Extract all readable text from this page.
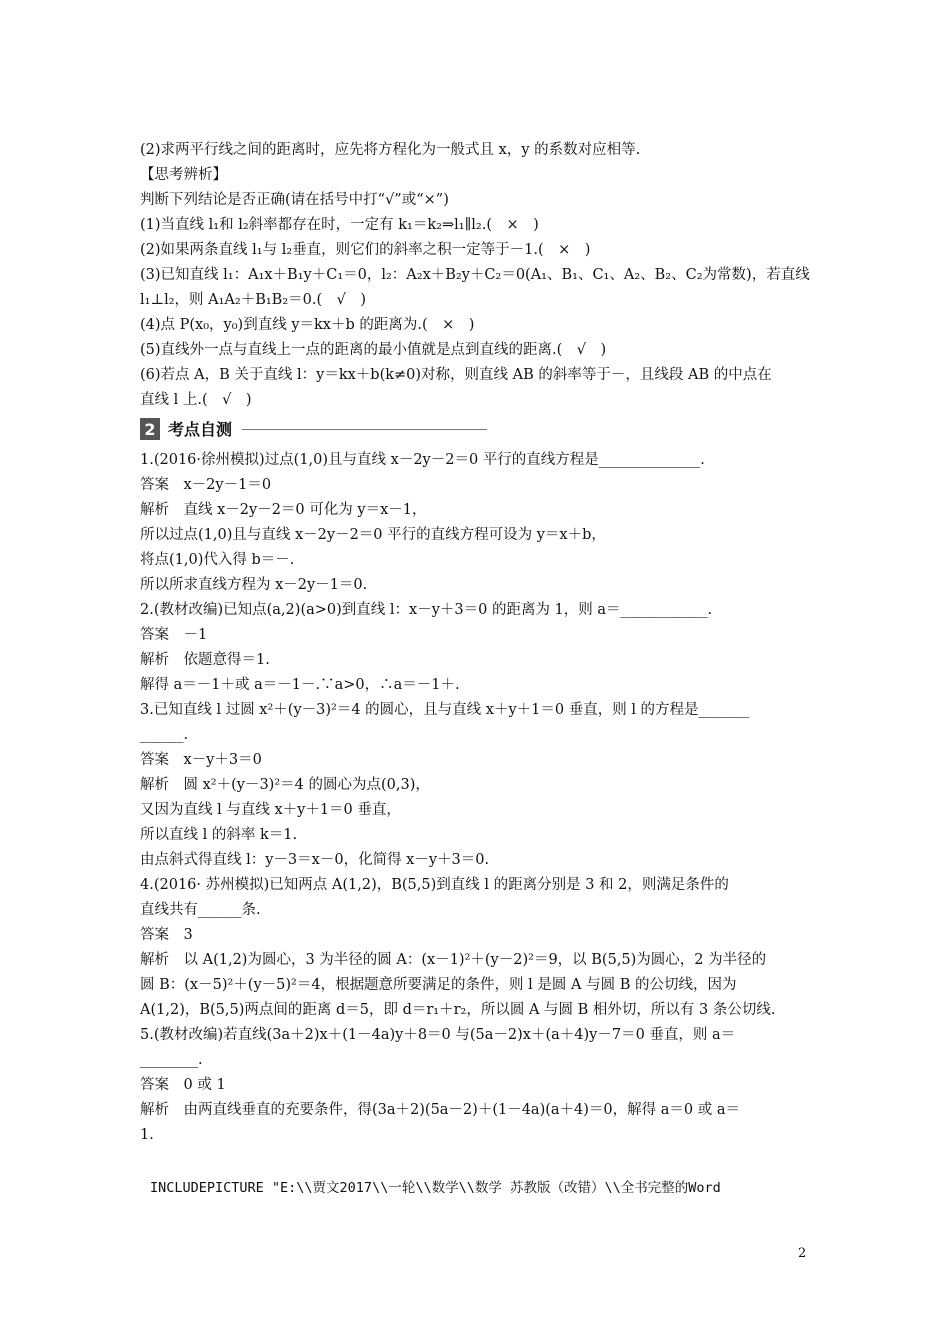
(2)求两平行线之间的距离时，应先将方程化为一般式且 x，y 的系数对应相等.
【思考辨析】
判断下列结论是否正确(请在括号中打“√”或“×”)
(1)当直线 l₁和 l₂斜率都存在时，一定有 k₁＝k₂⇒l₁∥l₂.(　×　)
(2)如果两条直线 l₁与 l₂垂直，则它们的斜率之积一定等于－1.(　×　)
(3)已知直线 l₁：A₁x＋B₁y＋C₁＝0，l₂：A₂x＋B₂y＋C₂＝0(A₁、B₁、C₁、A₂、B₂、C₂为常数)，若直线
l₁⊥l₂，则 A₁A₂＋B₁B₂＝0.(　√　)
(4)点 P(x₀，y₀)到直线 y＝kx＋b 的距离为.(　×　)
(5)直线外一点与直线上一点的距离的最小值就是点到直线的距离.(　√　)
(6)若点 A，B 关于直线 l：y＝kx＋b(k≠0)对称，则直线 AB 的斜率等于－，且线段 AB 的中点在
直线 l 上.(　√　)
2 考点自测
1.(2016·徐州模拟)过点(1,0)且与直线 x－2y－2＝0 平行的直线方程是______________.
答案　x－2y－1＝0
解析　直线 x－2y－2＝0 可化为 y＝x－1，
所以过点(1,0)且与直线 x－2y－2＝0 平行的直线方程可设为 y＝x＋b，
将点(1,0)代入得 b＝－.
所以所求直线方程为 x－2y－1＝0.
2.(教材改编)已知点(a,2)(a>0)到直线 l：x－y＋3＝0 的距离为 1，则 a＝____________.
答案　－1
解析　依题意得＝1.
解得 a＝－1＋或 a＝－1－.∵a>0，∴a＝－1＋.
3.已知直线 l 过圆 x²＋(y－3)²＝4 的圆心，且与直线 x＋y＋1＝0 垂直，则 l 的方程是_______
______.
答案　x－y＋3＝0
解析　圆 x²＋(y－3)²＝4 的圆心为点(0,3)，
又因为直线 l 与直线 x＋y＋1＝0 垂直，
所以直线 l 的斜率 k＝1.
由点斜式得直线 l：y－3＝x－0，化简得 x－y＋3＝0.
4.(2016· 苏州模拟)已知两点 A(1,2)，B(5,5)到直线 l 的距离分别是 3 和 2，则满足条件的
直线共有______条.
答案　3
解析　以 A(1,2)为圆心，3 为半径的圆 A：(x－1)²＋(y－2)²＝9，以 B(5,5)为圆心，2 为半径的
圆 B：(x－5)²＋(y－5)²＝4，根据题意所要满足的条件，则 l 是圆 A 与圆 B 的公切线，因为
A(1,2)，B(5,5)两点间的距离 d＝5，即 d＝r₁＋r₂，所以圆 A 与圆 B 相外切，所以有 3 条公切线.
5.(教材改编)若直线(3a＋2)x＋(1－4a)y＋8＝0 与(5a－2)x＋(a＋4)y－7＝0 垂直，则 a＝
________.
答案　0 或 1
解析　由两直线垂直的充要条件，得(3a＋2)(5a－2)＋(1－4a)(a＋4)＝0，解得 a＝0 或 a＝
1.
INCLUDEPICTURE "E:\\贾文2017\\一轮\\数学\\数学 苏教版（改错）\\全书完整的Word
2
